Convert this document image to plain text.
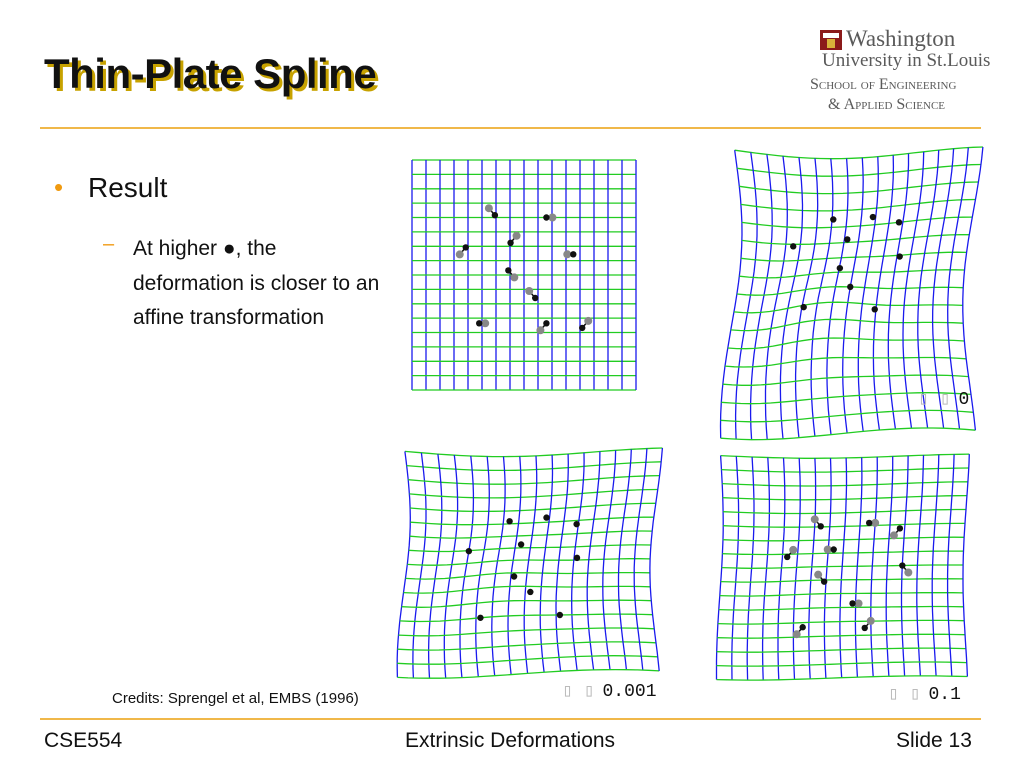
Thin-Plate Spline
Washington
University in St.Louis
School of Engineering
& Applied Science
• Result
– At higher ●, the deformation is closer to an affine transformation
▯ ▯ 0
▯ ▯ 0.001	▯ ▯ 0.1
Credits: Sprengel et al, EMBS (1996)
CSE554	Extrinsic Deformations	Slide 13
